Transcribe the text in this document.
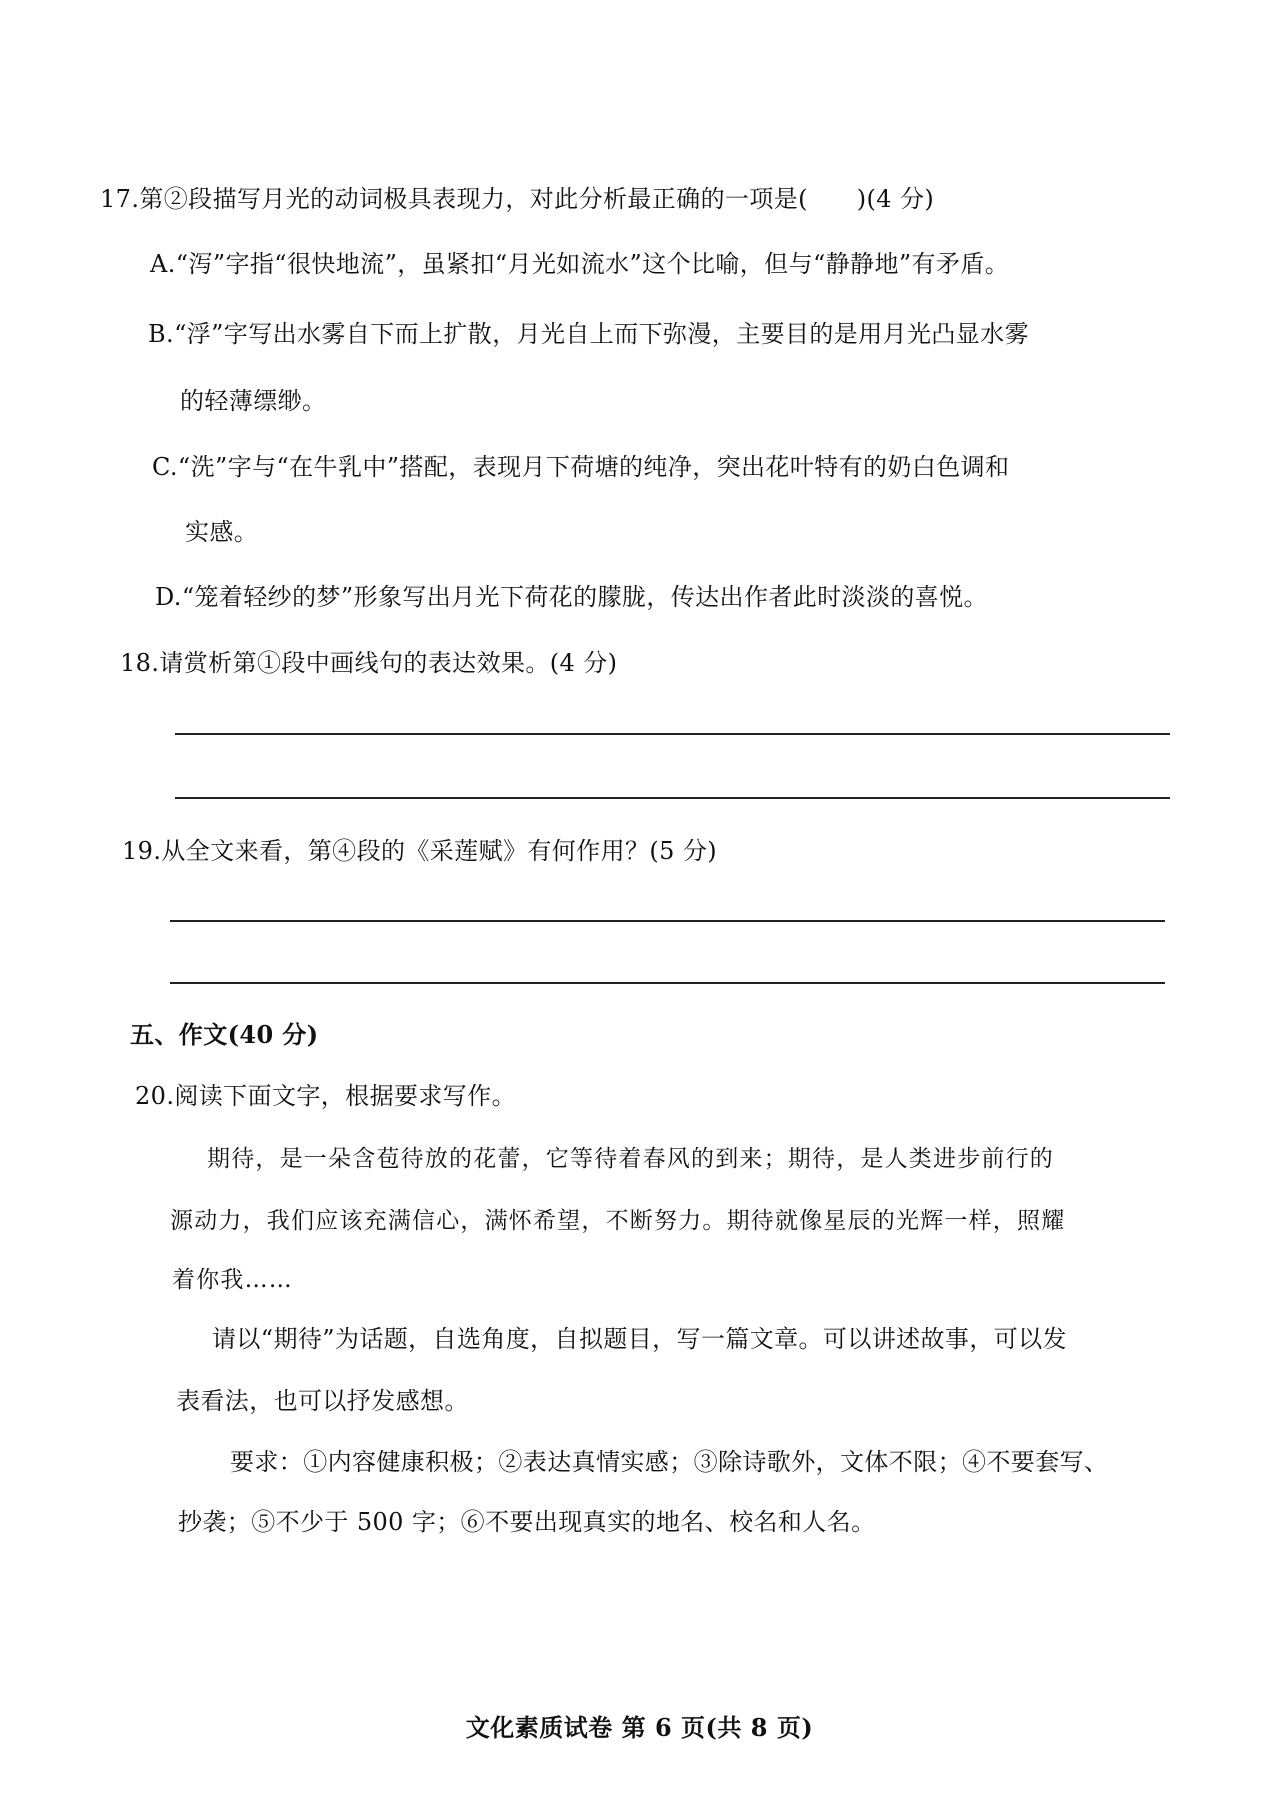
17.第②段描写月光的动词极具表现力，对此分析最正确的一项是(　　)(4 分)
A.“泻”字指“很快地流”，虽紧扣“月光如流水”这个比喻，但与“静静地”有矛盾。
B.“浮”字写出水雾自下而上扩散，月光自上而下弥漫，主要目的是用月光凸显水雾
的轻薄缥缈。
C.“洗”字与“在牛乳中”搭配，表现月下荷塘的纯净，突出花叶特有的奶白色调和
实感。
D.“笼着轻纱的梦”形象写出月光下荷花的朦胧，传达出作者此时淡淡的喜悦。
18.请赏析第①段中画线句的表达效果。(4 分)
19.从全文来看，第④段的《采莲赋》有何作用？(5 分)
五、作文(40 分)
20.阅读下面文字，根据要求写作。
期待，是一朵含苞待放的花蕾，它等待着春风的到来；期待，是人类进步前行的
源动力，我们应该充满信心，满怀希望，不断努力。期待就像星辰的光辉一样，照耀
着你我……
请以“期待”为话题，自选角度，自拟题目，写一篇文章。可以讲述故事，可以发
表看法，也可以抒发感想。
要求：①内容健康积极；②表达真情实感；③除诗歌外，文体不限；④不要套写、
抄袭；⑤不少于 500 字；⑥不要出现真实的地名、校名和人名。
文化素质试卷 第 6 页(共 8 页)
